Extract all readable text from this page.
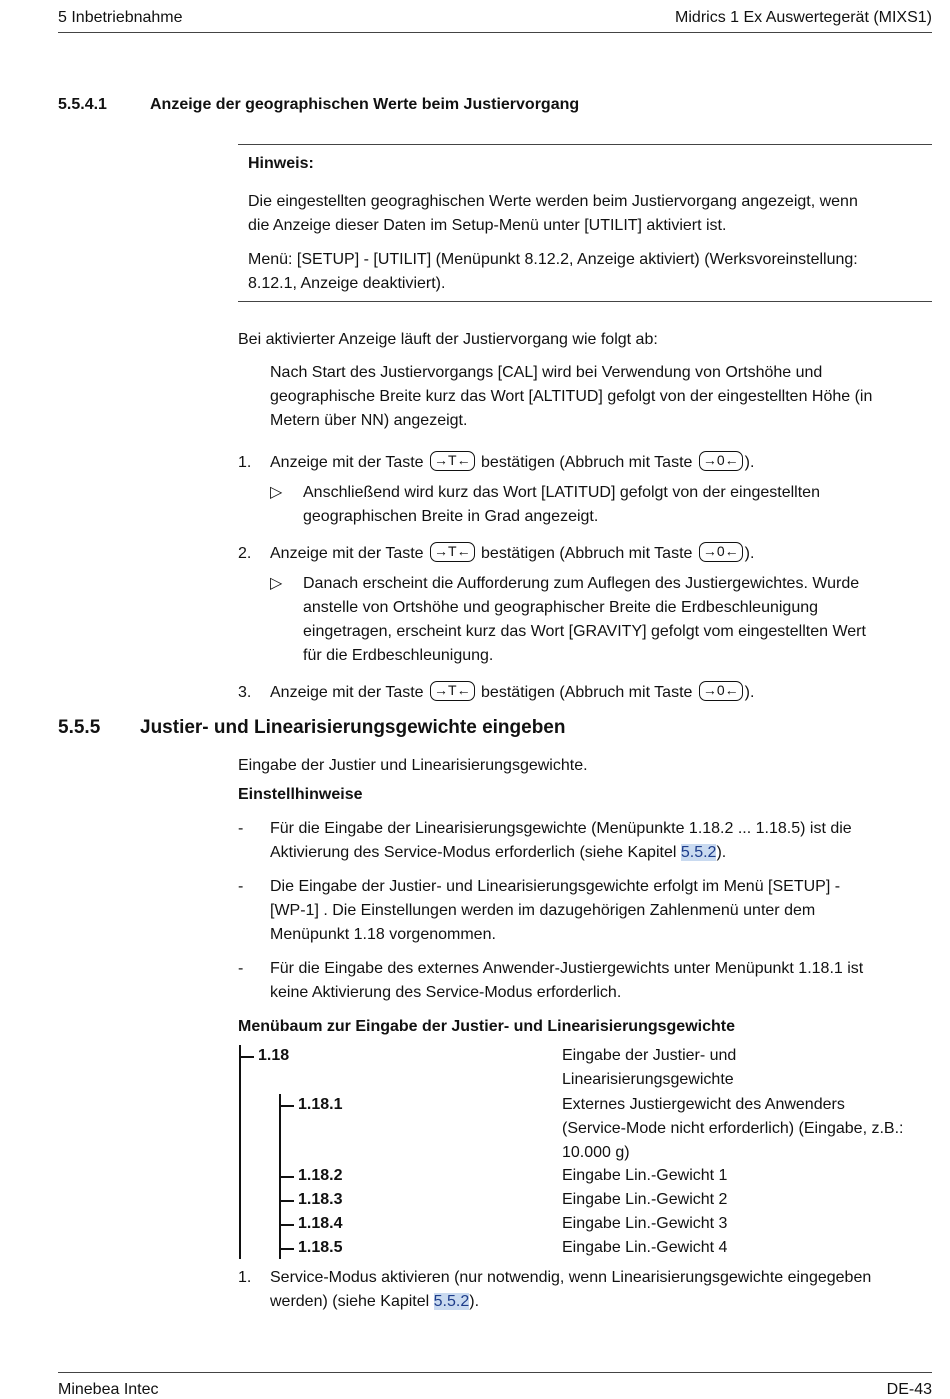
5 Inbetriebnahme	Midrics 1 Ex Auswertegerät (MIXS1)
5.5.4.1	Anzeige der geographischen Werte beim Justiervorgang
Hinweis:
Die eingestellten geograghischen Werte werden beim Justiervorgang angezeigt, wenn
die Anzeige dieser Daten im Setup-Menü unter [UTILIT] aktiviert ist.
Menü: [SETUP] - [UTILIT] (Menüpunkt 8.12.2, Anzeige aktiviert) (Werksvoreinstellung:
8.12.1, Anzeige deaktiviert).
Bei aktivierter Anzeige läuft der Justiervorgang wie folgt ab:
Nach Start des Justiervorgangs [CAL] wird bei Verwendung von Ortshöhe und
geographische Breite kurz das Wort [ALTITUD] gefolgt von der eingestellten Höhe (in
Metern über NN) angezeigt.
1. Anzeige mit der Taste →T← bestätigen (Abbruch mit Taste →0← ).
▷ Anschließend wird kurz das Wort [LATITUD] gefolgt von der eingestellten
geographischen Breite in Grad angezeigt.
2. Anzeige mit der Taste →T← bestätigen (Abbruch mit Taste →0← ).
▷ Danach erscheint die Aufforderung zum Auflegen des Justiergewichtes. Wurde
anstelle von Ortshöhe und geographischer Breite die Erdbeschleunigung
eingetragen, erscheint kurz das Wort [GRAVITY] gefolgt vom eingestellten Wert
für die Erdbeschleunigung.
3. Anzeige mit der Taste →T← bestätigen (Abbruch mit Taste →0← ).
5.5.5 Justier- und Linearisierungsgewichte eingeben
Eingabe der Justier und Linearisierungsgewichte.
Einstellhinweise
- Für die Eingabe der Linearisierungsgewichte (Menüpunkte 1.18.2 ... 1.18.5) ist die
Aktivierung des Service-Modus erforderlich (siehe Kapitel 5.5.2).
- Die Eingabe der Justier- und Linearisierungsgewichte erfolgt im Menü [SETUP] -
[WP-1] . Die Einstellungen werden im dazugehörigen Zahlenmenü unter dem
Menüpunkt 1.18 vorgenommen.
- Für die Eingabe des externes Anwender-Justiergewichts unter Menüpunkt 1.18.1 ist
keine Aktivierung des Service-Modus erforderlich.
Menübaum zur Eingabe der Justier- und Linearisierungsgewichte
1.18	Eingabe der Justier- und
Linearisierungsgewichte
1.18.1	Externes Justiergewicht des Anwenders
(Service-Mode nicht erforderlich) (Eingabe, z.B.:
10.000 g)
1.18.2	Eingabe Lin.-Gewicht 1
1.18.3	Eingabe Lin.-Gewicht 2
1.18.4	Eingabe Lin.-Gewicht 3
1.18.5	Eingabe Lin.-Gewicht 4
1. Service-Modus aktivieren (nur notwendig, wenn Linearisierungsgewichte eingegeben
werden) (siehe Kapitel 5.5.2).
Minebea Intec	DE-43
